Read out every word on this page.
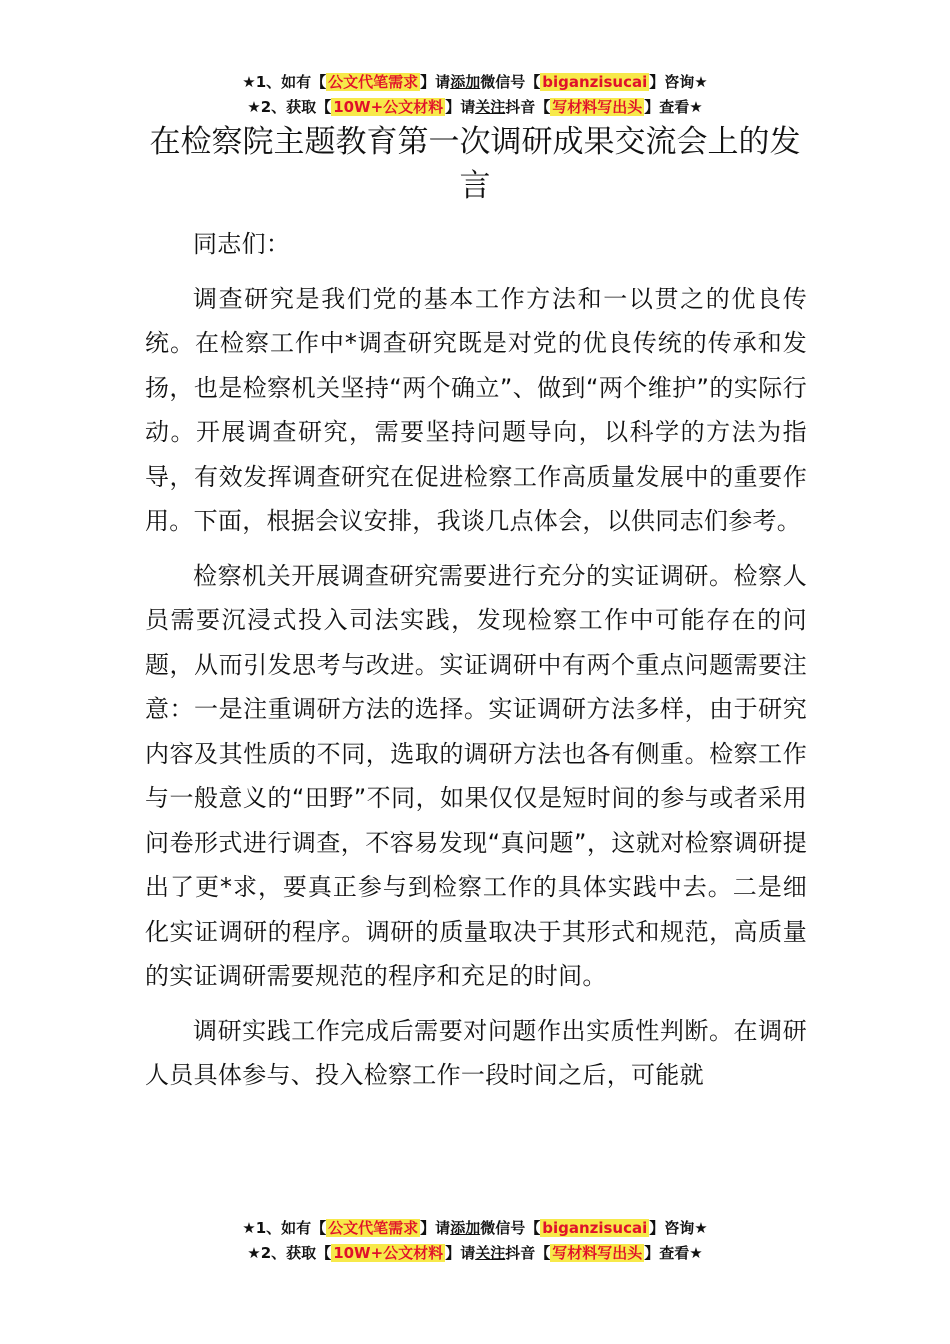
★1、如有【 公文代笔需求 】请添加微信号【 biganzisucai 】咨询★
★2、获取【 10W+公文材料 】请关注抖音【 写材料写出头 】查看★
在检察院主题教育第一次调研成果交流会上的发言

同志们：

调查研究是我们党的基本工作方法和一以贯之的优良传统。在检察工作中*调查研究既是对党的优良传统的传承和发扬，也是检察机关坚持“两个确立”、做到“两个维护”的实际行动。开展调查研究，需要坚持问题导向，以科学的方法为指导，有效发挥调查研究在促进检察工作高质量发展中的重要作用。下面，根据会议安排，我谈几点体会，以供同志们参考。

检察机关开展调查研究需要进行充分的实证调研。检察人员需要沉浸式投入司法实践，发现检察工作中可能存在的问题，从而引发思考与改进。实证调研中有两个重点问题需要注意：一是注重调研方法的选择。实证调研方法多样，由于研究内容及其性质的不同，选取的调研方法也各有侧重。检察工作与一般意义的“田野”不同，如果仅仅是短时间的参与或者采用问卷形式进行调查，不容易发现“真问题”，这就对检察调研提出了更*求，要真正参与到检察工作的具体实践中去。二是细化实证调研的程序。调研的质量取决于其形式和规范，高质量的实证调研需要规范的程序和充足的时间。

调研实践工作完成后需要对问题作出实质性判断。在调研人员具体参与、投入检察工作一段时间之后，可能就

★1、如有【 公文代笔需求 】请添加微信号【 biganzisucai 】咨询★
★2、获取【 10W+公文材料 】请关注抖音【 写材料写出头 】查看★
